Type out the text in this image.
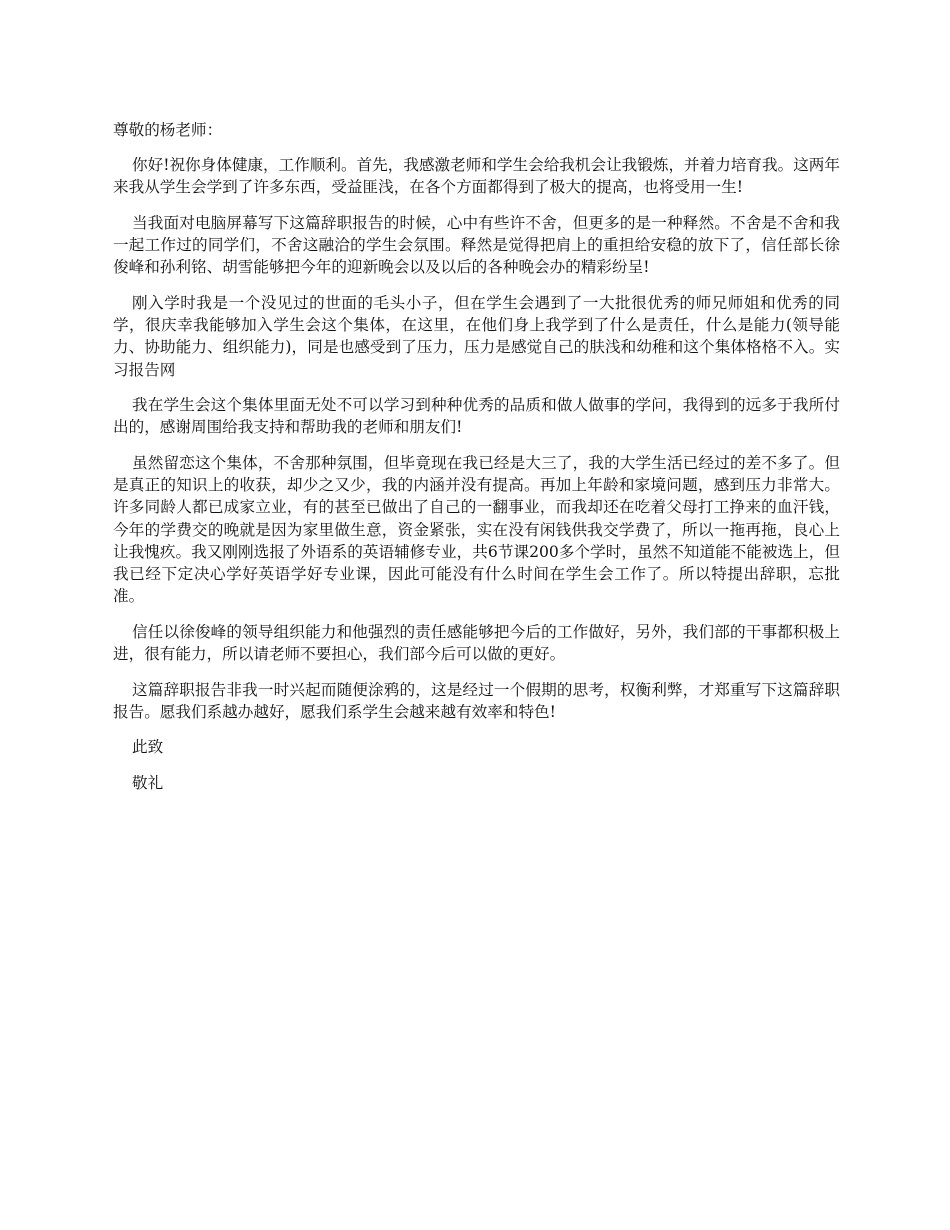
尊敬的杨老师：

你好!祝你身体健康，工作顺利。首先，我感激老师和学生会给我机会让我锻炼，并着力培育我。这两年来我从学生会学到了许多东西，受益匪浅，在各个方面都得到了极大的提高，也将受用一生!

当我面对电脑屏幕写下这篇辞职报告的时候，心中有些许不舍，但更多的是一种释然。不舍是不舍和我一起工作过的同学们，不舍这融洽的学生会氛围。释然是觉得把肩上的重担给安稳的放下了，信任部长徐俊峰和孙利铭、胡雪能够把今年的迎新晚会以及以后的各种晚会办的精彩纷呈!

刚入学时我是一个没见过的世面的毛头小子，但在学生会遇到了一大批很优秀的师兄师姐和优秀的同学，很庆幸我能够加入学生会这个集体，在这里，在他们身上我学到了什么是责任，什么是能力(领导能力、协助能力、组织能力)，同是也感受到了压力，压力是感觉自己的肤浅和幼稚和这个集体格格不入。实习报告网

我在学生会这个集体里面无处不可以学习到种种优秀的品质和做人做事的学问，我得到的远多于我所付出的，感谢周围给我支持和帮助我的老师和朋友们!

虽然留恋这个集体，不舍那种氛围，但毕竟现在我已经是大三了，我的大学生活已经过的差不多了。但是真正的知识上的收获，却少之又少，我的内涵并没有提高。再加上年龄和家境问题，感到压力非常大。许多同龄人都已成家立业，有的甚至已做出了自己的一翻事业，而我却还在吃着父母打工挣来的血汗钱，今年的学费交的晚就是因为家里做生意，资金紧张，实在没有闲钱供我交学费了，所以一拖再拖，良心上让我愧疚。我又刚刚选报了外语系的英语辅修专业，共6节课200多个学时，虽然不知道能不能被选上，但我已经下定决心学好英语学好专业课，因此可能没有什么时间在学生会工作了。所以特提出辞职，忘批准。

信任以徐俊峰的领导组织能力和他强烈的责任感能够把今后的工作做好，另外，我们部的干事都积极上进，很有能力，所以请老师不要担心，我们部今后可以做的更好。

这篇辞职报告非我一时兴起而随便涂鸦的，这是经过一个假期的思考，权衡利弊，才郑重写下这篇辞职报告。愿我们系越办越好，愿我们系学生会越来越有效率和特色!

此致

敬礼
